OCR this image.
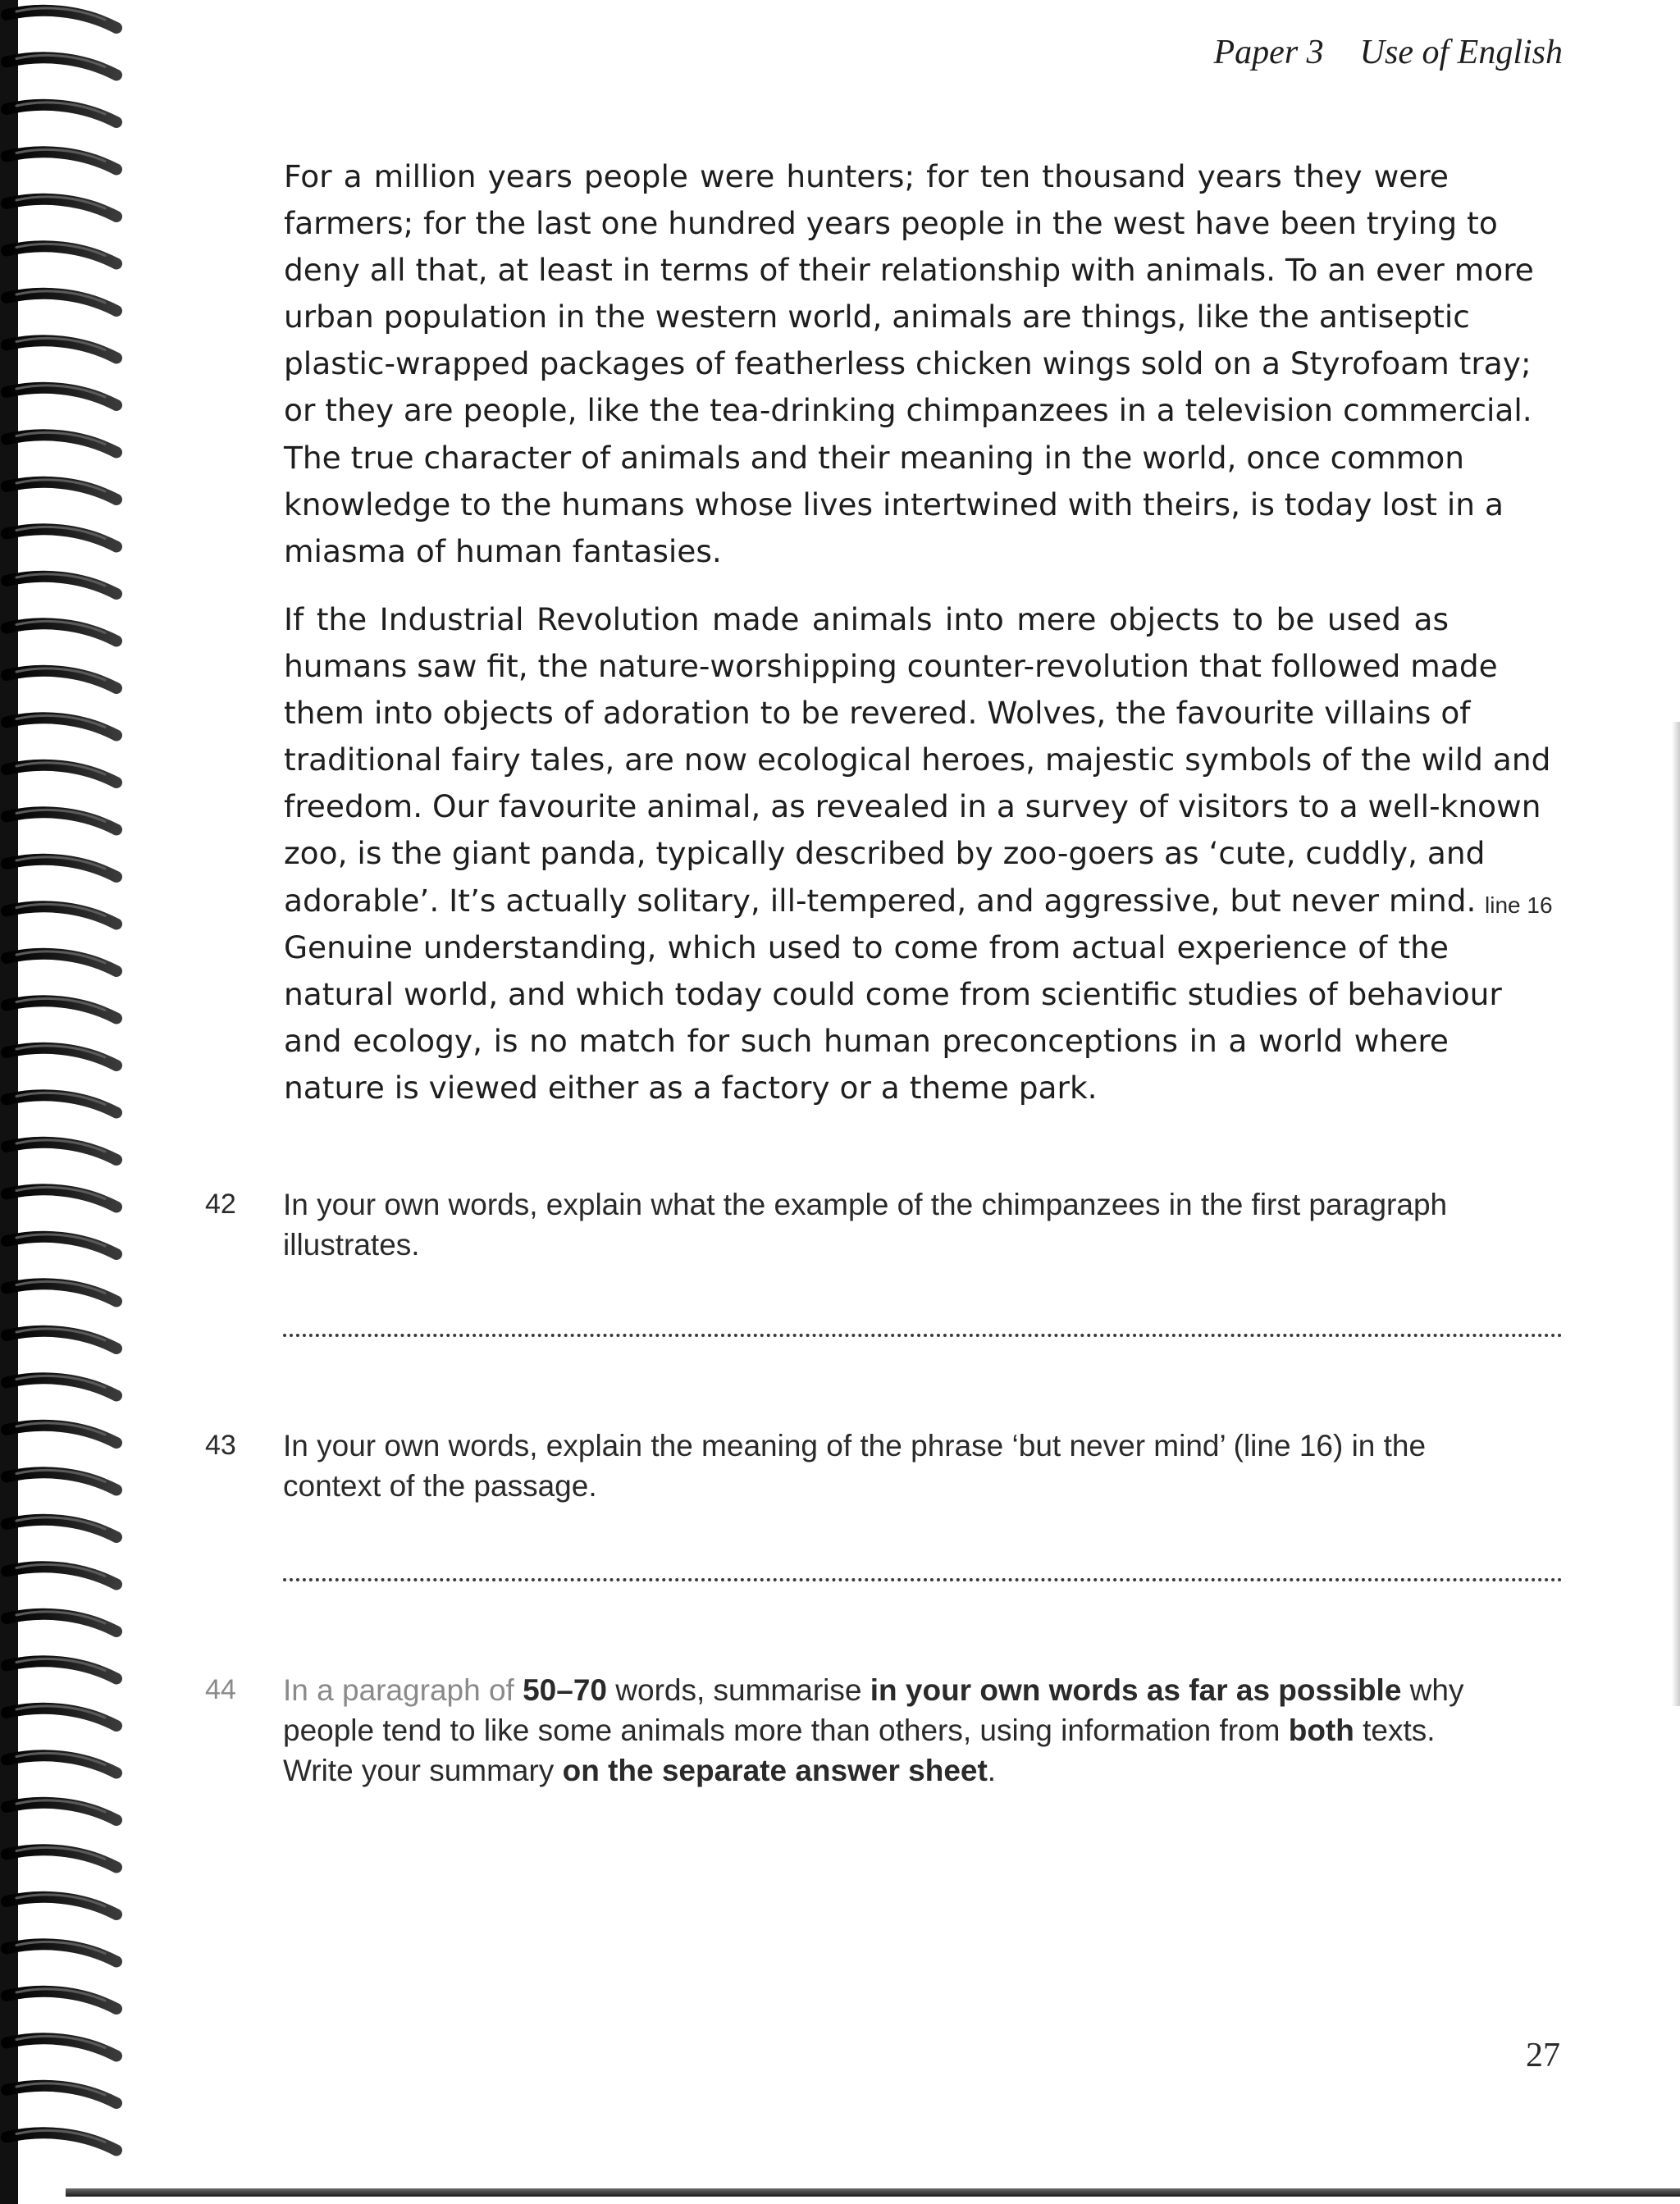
Paper 3 Use of English
For a million years people were hunters; for ten thousand years they were
farmers; for the last one hundred years people in the west have been trying to
deny all that, at least in terms of their relationship with animals. To an ever more
urban population in the western world, animals are things, like the antiseptic
plastic-wrapped packages of featherless chicken wings sold on a Styrofoam tray;
or they are people, like the tea-drinking chimpanzees in a television commercial.
The true character of animals and their meaning in the world, once common
knowledge to the humans whose lives intertwined with theirs, is today lost in a
miasma of human fantasies.
If the Industrial Revolution made animals into mere objects to be used as
humans saw fit, the nature-worshipping counter-revolution that followed made
them into objects of adoration to be revered. Wolves, the favourite villains of
traditional fairy tales, are now ecological heroes, majestic symbols of the wild and
freedom. Our favourite animal, as revealed in a survey of visitors to a well-known
zoo, is the giant panda, typically described by zoo-goers as ‘cute, cuddly, and
adorable’. It’s actually solitary, ill-tempered, and aggressive, but never mind.
Genuine understanding, which used to come from actual experience of the
natural world, and which today could come from scientific studies of behaviour
and ecology, is no match for such human preconceptions in a world where
nature is viewed either as a factory or a theme park.
line 16
42 In your own words, explain what the example of the chimpanzees in the first paragraph illustrates.
43 In your own words, explain the meaning of the phrase ‘but never mind’ (line 16) in the context of the passage.
44 In a paragraph of 50–70 words, summarise in your own words as far as possible why people tend to like some animals more than others, using information from both texts. Write your summary on the separate answer sheet.
27
